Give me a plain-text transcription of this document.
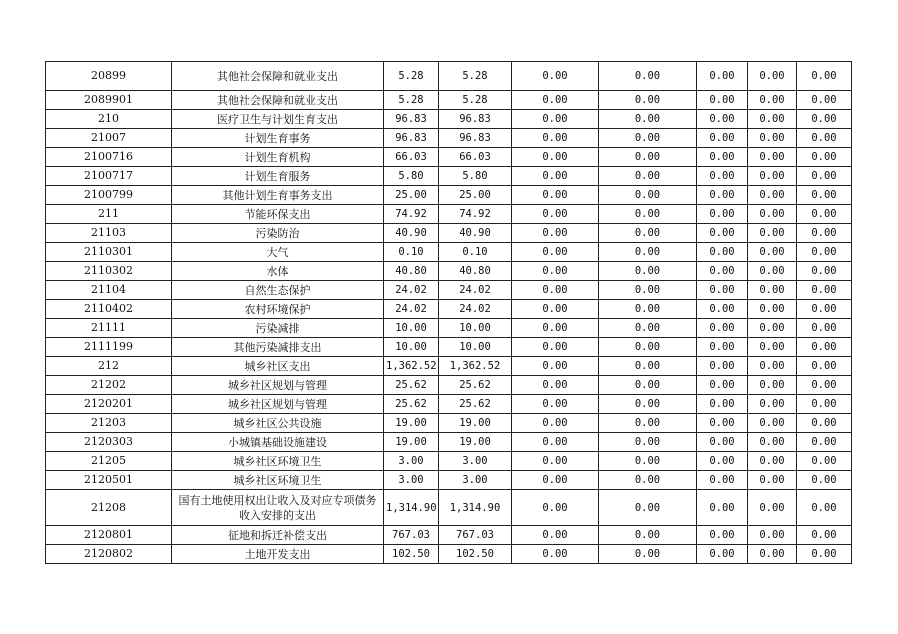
20899	其他社会保障和就业支出	5.28	5.28	0.00	0.00	0.00	0.00	0.00
2089901	其他社会保障和就业支出	5.28	5.28	0.00	0.00	0.00	0.00	0.00
210	医疗卫生与计划生育支出	96.83	96.83	0.00	0.00	0.00	0.00	0.00
21007	计划生育事务	96.83	96.83	0.00	0.00	0.00	0.00	0.00
2100716	计划生育机构	66.03	66.03	0.00	0.00	0.00	0.00	0.00
2100717	计划生育服务	5.80	5.80	0.00	0.00	0.00	0.00	0.00
2100799	其他计划生育事务支出	25.00	25.00	0.00	0.00	0.00	0.00	0.00
211	节能环保支出	74.92	74.92	0.00	0.00	0.00	0.00	0.00
21103	污染防治	40.90	40.90	0.00	0.00	0.00	0.00	0.00
2110301	大气	0.10	0.10	0.00	0.00	0.00	0.00	0.00
2110302	水体	40.80	40.80	0.00	0.00	0.00	0.00	0.00
21104	自然生态保护	24.02	24.02	0.00	0.00	0.00	0.00	0.00
2110402	农村环境保护	24.02	24.02	0.00	0.00	0.00	0.00	0.00
21111	污染减排	10.00	10.00	0.00	0.00	0.00	0.00	0.00
2111199	其他污染减排支出	10.00	10.00	0.00	0.00	0.00	0.00	0.00
212	城乡社区支出	1,362.52	1,362.52	0.00	0.00	0.00	0.00	0.00
21202	城乡社区规划与管理	25.62	25.62	0.00	0.00	0.00	0.00	0.00
2120201	城乡社区规划与管理	25.62	25.62	0.00	0.00	0.00	0.00	0.00
21203	城乡社区公共设施	19.00	19.00	0.00	0.00	0.00	0.00	0.00
2120303	小城镇基础设施建设	19.00	19.00	0.00	0.00	0.00	0.00	0.00
21205	城乡社区环境卫生	3.00	3.00	0.00	0.00	0.00	0.00	0.00
2120501	城乡社区环境卫生	3.00	3.00	0.00	0.00	0.00	0.00	0.00
21208	国有土地使用权出让收入及对应专项债务收入安排的支出	1,314.90	1,314.90	0.00	0.00	0.00	0.00	0.00
2120801	征地和拆迁补偿支出	767.03	767.03	0.00	0.00	0.00	0.00	0.00
2120802	土地开发支出	102.50	102.50	0.00	0.00	0.00	0.00	0.00
